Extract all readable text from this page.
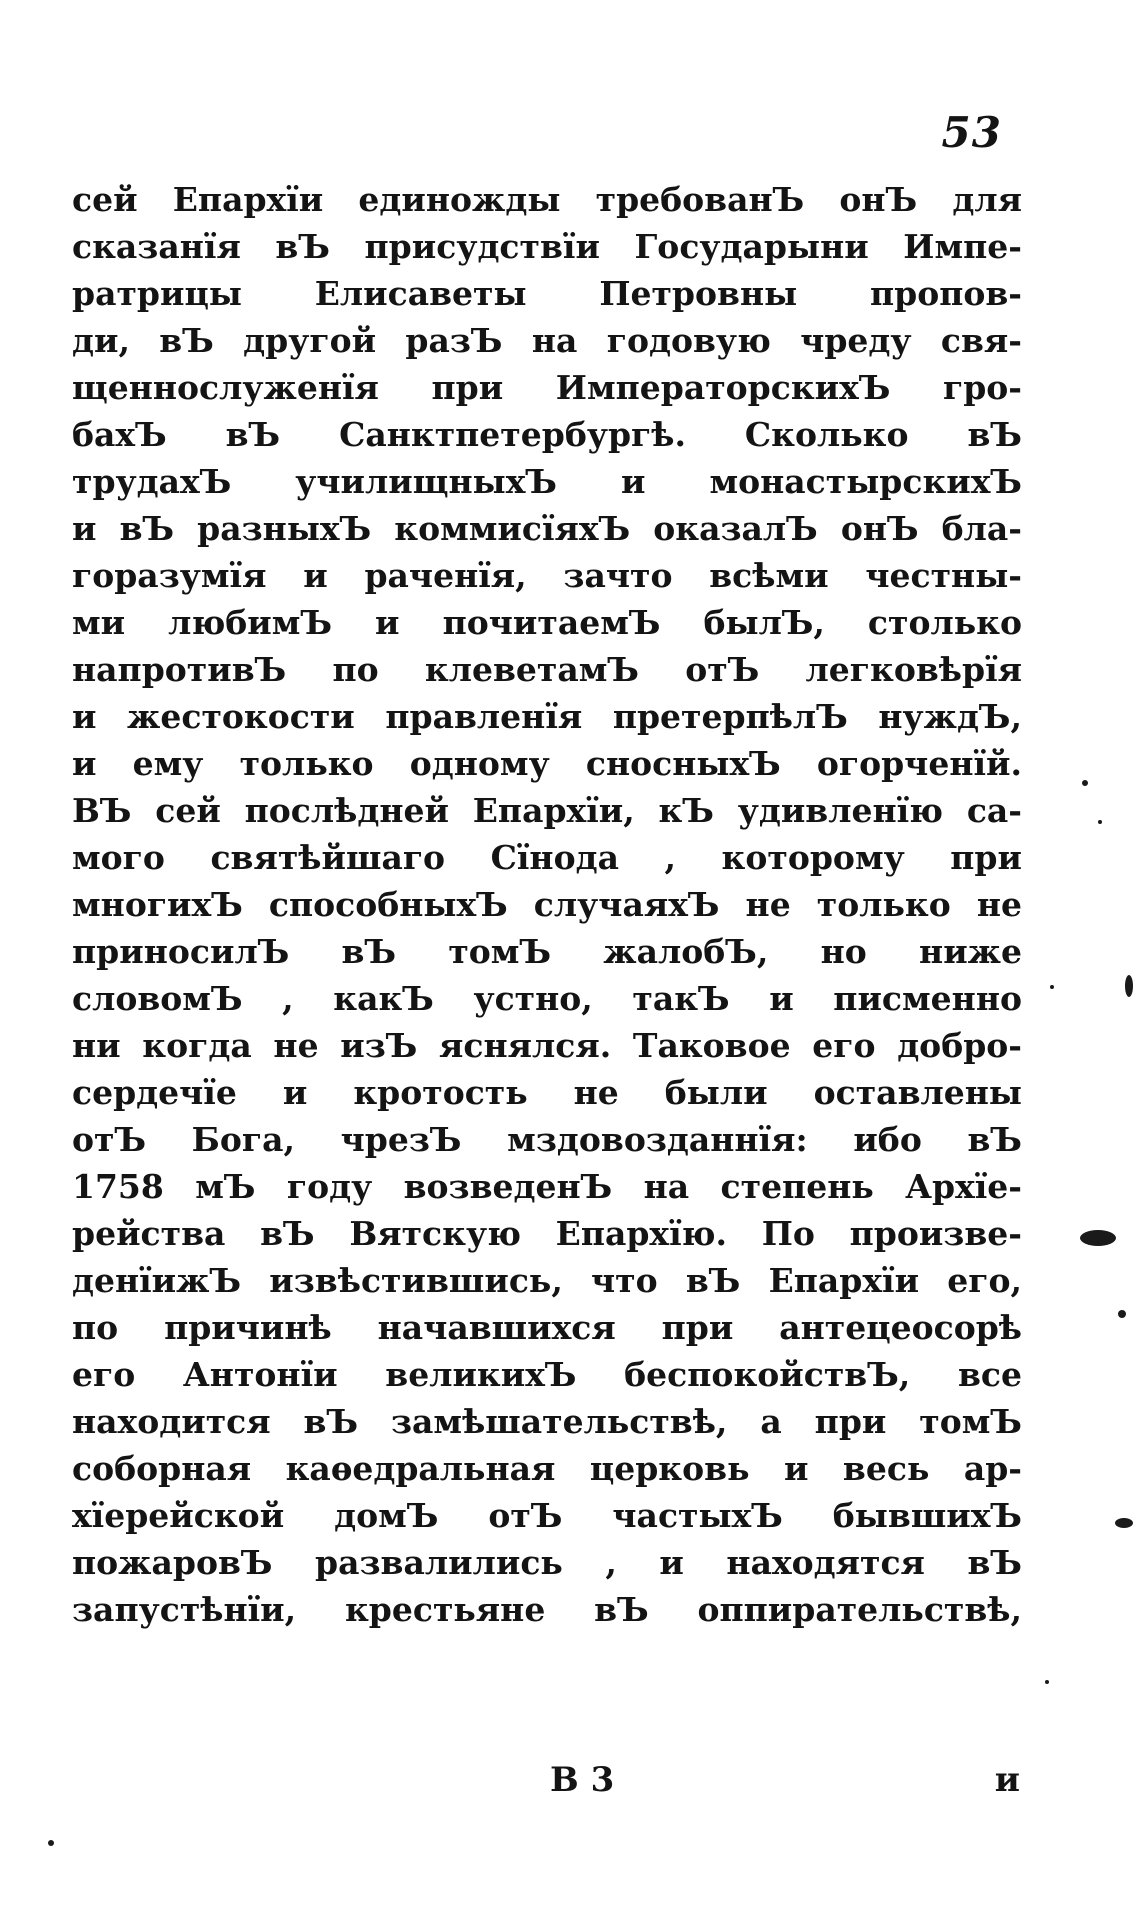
53
сей Епархїи единожды требованЪ онЪ для
сказанїя вЪ присудствїи Государыни Импе-
ратрицы Елисаветы Петровны пропов-
ди, вЪ другой разЪ на годовую чреду свя-
щеннослуженїя при ИмператорскихЪ гро-
бахЪ вЪ Санктпетербургѣ. Сколько вЪ
трудахЪ училищныхЪ и монастырскихЪ
и вЪ разныхЪ коммисїяхЪ оказалЪ онЪ бла-
горазумїя и раченїя, зачто всѣми честны-
ми любимЪ и почитаемЪ былЪ, столько
напротивЪ по клеветамЪ отЪ легковѣрїя
и жестокости правленїя претерпѣлЪ нуждЪ,
и ему только одному сносныхЪ огорченїй.
ВЪ сей послѣдней Епархїи, кЪ удивленїю са-
мого святѣйшаго Сїнода , которому при
многихЪ способныхЪ случаяхЪ не только не
приносилЪ вЪ томЪ жалобЪ, но ниже
словомЪ , какЪ устно, такЪ и писменно
ни когда не изЪ яснялся. Таковое его добро-
сердечїе и кротость не были оставлены
отЪ Бога, чрезЪ мздовозданнїя: ибо вЪ
1758 мЪ году возведенЪ на степень Архїе-
рейства вЪ Вятскую Епархїю. По произве-
денїижЪ извѣстившись, что вЪ Епархїи его,
по причинѣ начавшихся при антецеосорѣ
его Антонїи великихЪ беспокойствЪ, все
находится вЪ замѣшательствѣ, а при томЪ
соборная каѳедральная церковь и весь ар-
хїерейской домЪ отЪ частыхЪ бывшихЪ
пожаровЪ развалились , и находятся вЪ
запустѣнїи, крестьяне вЪ оппирательствѣ,
В 3	и
